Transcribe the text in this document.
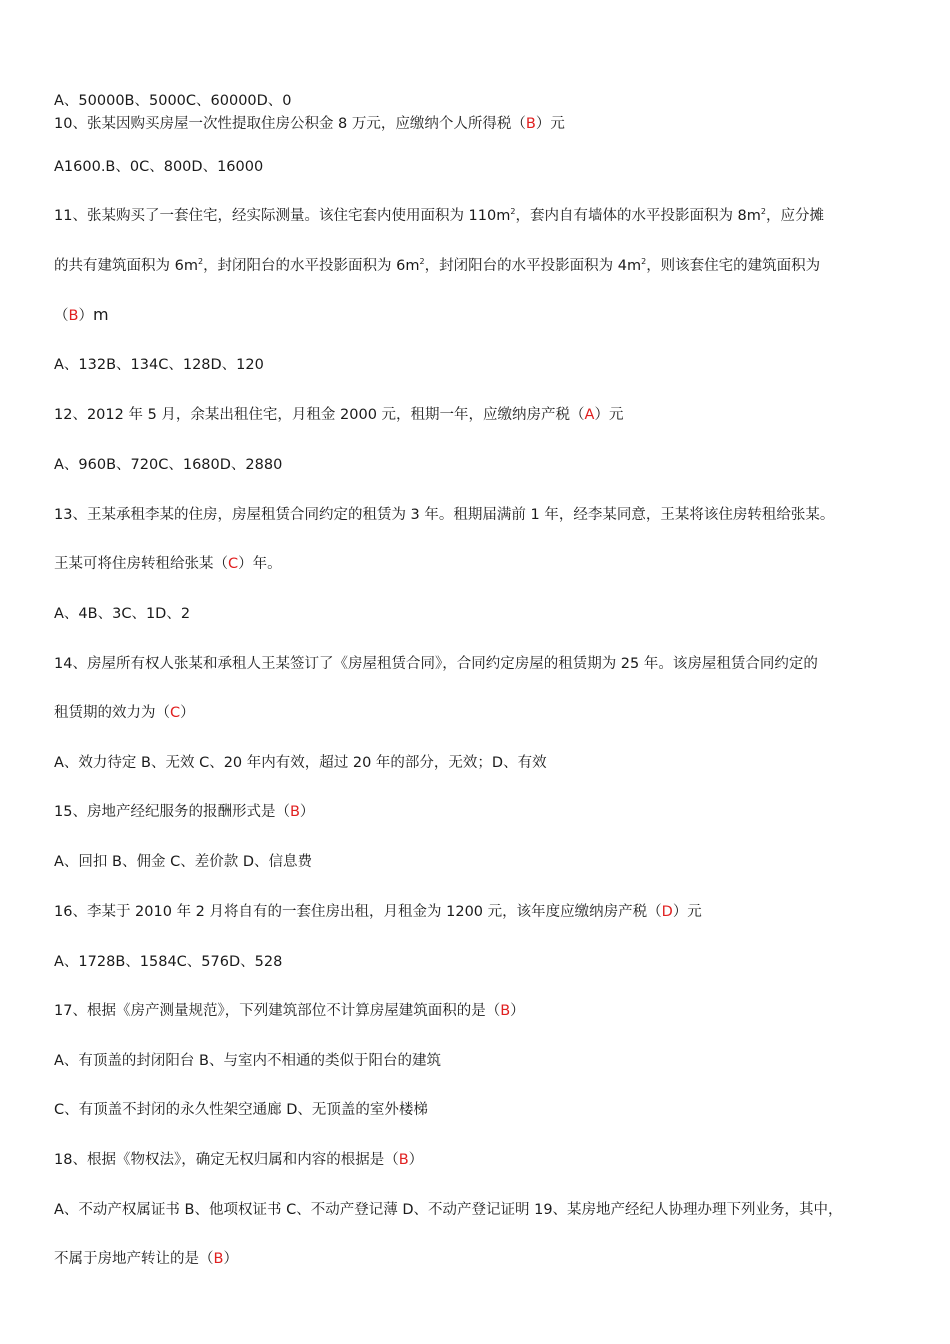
A、50000B、5000C、60000D、0
10、张某因购买房屋一次性提取住房公积金 8 万元，应缴纳个人所得税（B）元
A1600.B、0C、800D、16000
11、张某购买了一套住宅，经实际测量。该住宅套内使用面积为 $110m^2$，套内自有墙体的水平投影面积为 $8m^2$，应分摊
的共有建筑面积为 $6m^2$，封闭阳台的水平投影面积为 $6m^2$，封闭阳台的水平投影面积为 $4m^2$，则该套住宅的建筑面积为
（B）m
A、132B、134C、128D、120
12、2012 年 5 月，余某出租住宅，月租金 2000 元，租期一年，应缴纳房产税（A）元
A、960B、720C、1680D、2880
13、王某承租李某的住房，房屋租赁合同约定的租赁为 3 年。租期届满前 1 年，经李某同意，王某将该住房转租给张某。
王某可将住房转租给张某（C）年。
A、4B、3C、1D、2
14、房屋所有权人张某和承租人王某签订了《房屋租赁合同》，合同约定房屋的租赁期为 25 年。该房屋租赁合同约定的
租赁期的效力为（C）
A、效力待定 B、无效 C、20 年内有效，超过 20 年的部分，无效；D、有效
15、房地产经纪服务的报酬形式是（B）
A、回扣 B、佣金 C、差价款 D、信息费
16、李某于 2010 年 2 月将自有的一套住房出租，月租金为 1200 元，该年度应缴纳房产税（D）元
A、1728B、1584C、576D、528
17、根据《房产测量规范》，下列建筑部位不计算房屋建筑面积的是（B）
A、有顶盖的封闭阳台 B、与室内不相通的类似于阳台的建筑
C、有顶盖不封闭的永久性架空通廊 D、无顶盖的室外楼梯
18、根据《物权法》，确定无权归属和内容的根据是（B）
A、不动产权属证书 B、他项权证书 C、不动产登记薄 D、不动产登记证明 19、某房地产经纪人协理办理下列业务，其中，
不属于房地产转让的是（B）
